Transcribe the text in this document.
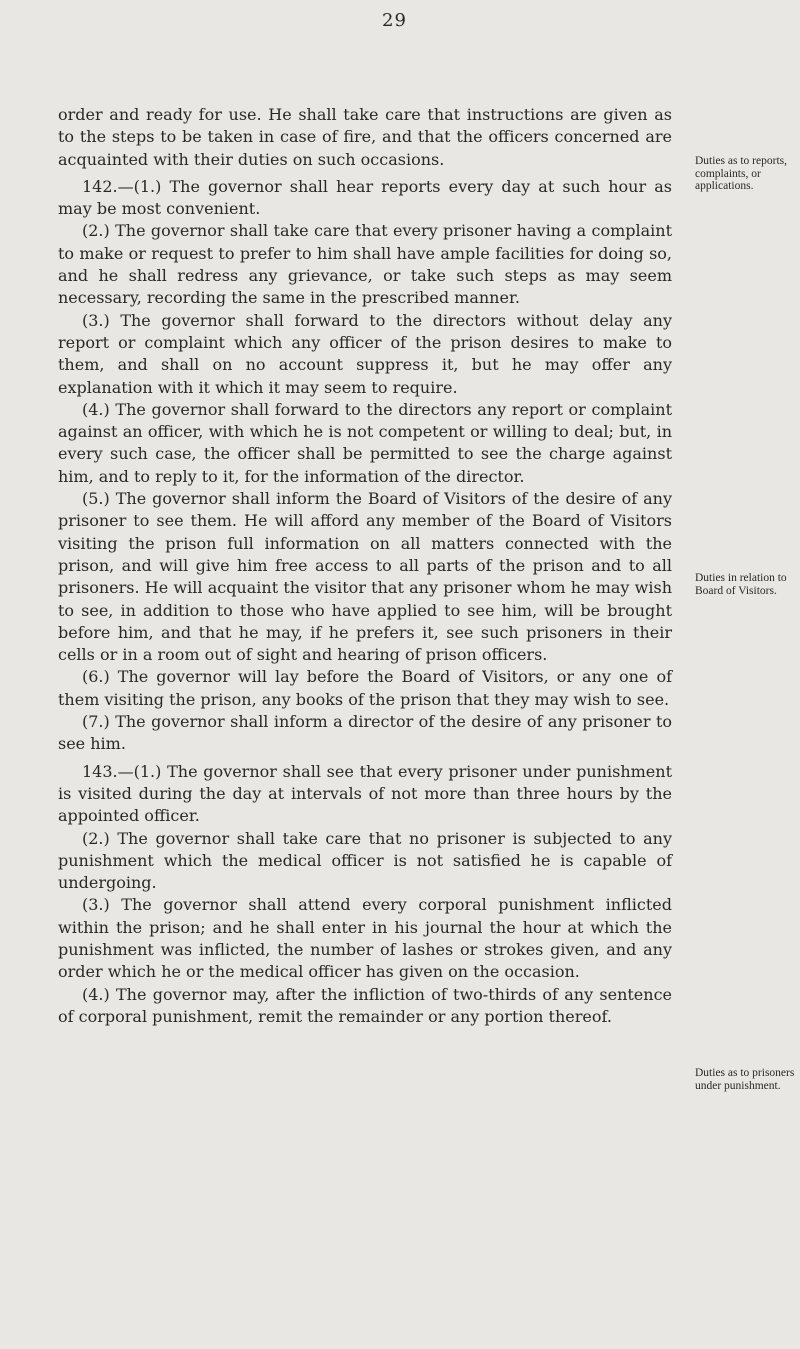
29

order and ready for use. He shall take care that instructions are given as to the steps to be taken in case of fire, and that the officers concerned are acquainted with their duties on such occasions.

142.—(1.) The governor shall hear reports every day at such hour as may be most convenient.

(2.) The governor shall take care that every prisoner having a complaint to make or request to prefer to him shall have ample facilities for doing so, and he shall redress any grievance, or take such steps as may seem necessary, recording the same in the prescribed manner.

(3.) The governor shall forward to the directors without delay any report or complaint which any officer of the prison desires to make to them, and shall on no account suppress it, but he may offer any explanation with it which it may seem to require.

(4.) The governor shall forward to the directors any report or complaint against an officer, with which he is not competent or willing to deal; but, in every such case, the officer shall be permitted to see the charge against him, and to reply to it, for the information of the director.

(5.) The governor shall inform the Board of Visitors of the desire of any prisoner to see them. He will afford any member of the Board of Visitors visiting the prison full information on all matters connected with the prison, and will give him free access to all parts of the prison and to all prisoners. He will acquaint the visitor that any prisoner whom he may wish to see, in addition to those who have applied to see him, will be brought before him, and that he may, if he prefers it, see such prisoners in their cells or in a room out of sight and hearing of prison officers.

(6.) The governor will lay before the Board of Visitors, or any one of them visiting the prison, any books of the prison that they may wish to see.

(7.) The governor shall inform a director of the desire of any prisoner to see him.

143.—(1.) The governor shall see that every prisoner under punishment is visited during the day at intervals of not more than three hours by the appointed officer.

(2.) The governor shall take care that no prisoner is subjected to any punishment which the medical officer is not satisfied he is capable of undergoing.

(3.) The governor shall attend every corporal punishment inflicted within the prison; and he shall enter in his journal the hour at which the punishment was inflicted, the number of lashes or strokes given, and any order which he or the medical officer has given on the occasion.

(4.) The governor may, after the infliction of two-thirds of any sentence of corporal punishment, remit the remainder or any portion thereof.

Duties as to reports, complaints, or applications.
Duties in relation to Board of Visitors.
Duties as to prisoners under punishment.
